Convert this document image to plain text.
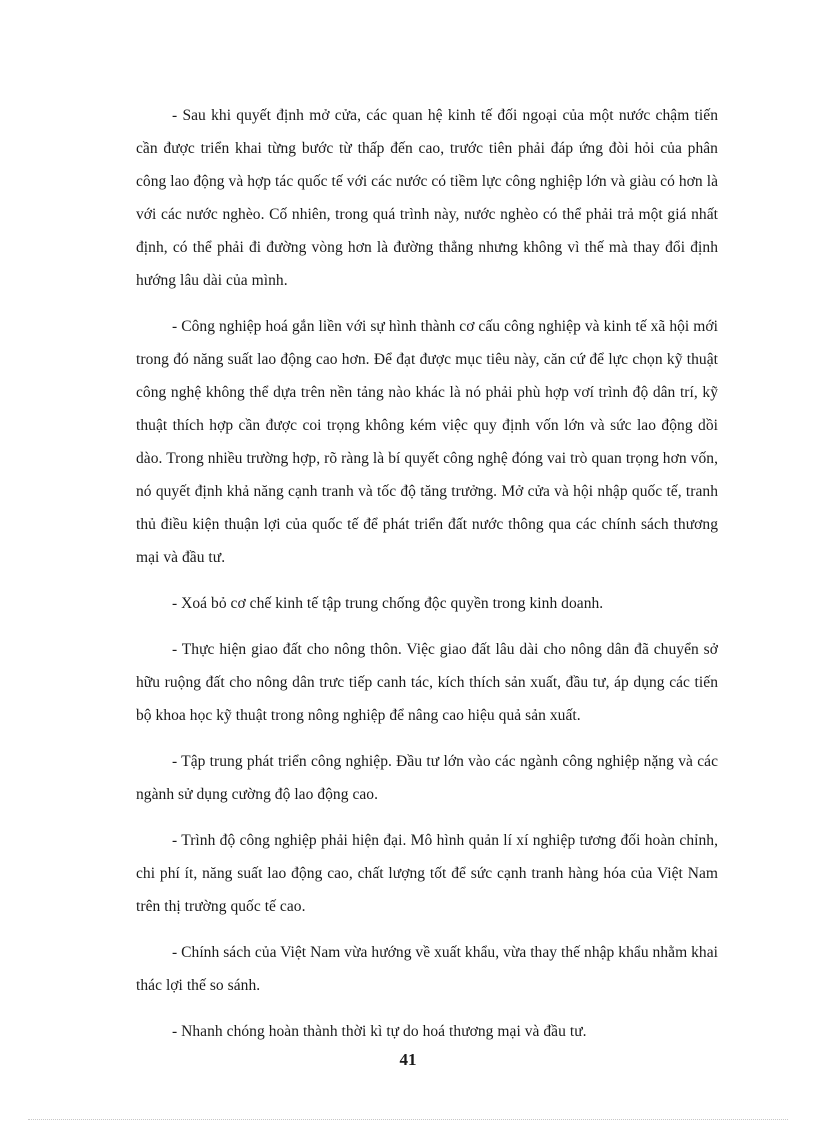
- Sau khi quyết định mở cửa, các quan hệ kinh tế đối ngoại của một nước chậm tiến cần được triển khai từng bước từ thấp đến cao, trước tiên phải đáp ứng đòi hỏi của phân công lao động và hợp tác quốc tế với các nước có tiềm lực công nghiệp lớn và giàu có hơn là với các nước nghèo. Cố nhiên, trong quá trình này, nước nghèo có thể phải trả một giá nhất định, có thể phải đi đường vòng hơn là đường thẳng nhưng không vì thế mà thay đổi định hướng lâu dài của mình.

- Công nghiệp hoá gắn liền với sự hình thành cơ cấu công nghiệp và kinh tế xã hội mới trong đó năng suất lao động cao hơn. Để đạt được mục tiêu này, căn cứ để lực chọn kỹ thuật công nghệ không thể dựa trên nền tảng nào khác là nó phải phù hợp vơí trình độ dân trí, kỹ thuật thích hợp cần được coi trọng không kém việc quy định vốn lớn và sức lao động dồi dào. Trong nhiều trường hợp, rõ ràng là bí quyết công nghệ đóng vai trò quan trọng hơn vốn, nó quyết định khả năng cạnh tranh và tốc độ tăng trưởng. Mở cửa và hội nhập quốc tế, tranh thủ điều kiện thuận lợi của quốc tế để phát triển đất nước thông qua các chính sách thương mại và đầu tư.

- Xoá bỏ cơ chế kinh tế tập trung chống độc quyền trong kinh doanh.

- Thực hiện giao đất cho nông thôn. Việc giao đất lâu dài cho nông dân đã chuyển sở hữu ruộng đất cho nông dân trưc tiếp canh tác, kích thích sản xuất, đầu tư, áp dụng các tiến bộ khoa học kỹ thuật trong nông nghiệp để nâng cao hiệu quả sản xuất.

- Tập trung phát triển công nghiệp. Đầu tư lớn vào các ngành công nghiệp nặng và các ngành sử dụng cường độ lao động cao.

- Trình độ công nghiệp phải hiện đại. Mô hình quản lí xí nghiệp tương đối hoàn chỉnh, chi phí ít, năng suất lao động cao, chất lượng tốt để sức cạnh tranh hàng hóa của Việt Nam trên thị trường quốc tế cao.

- Chính sách của Việt Nam vừa hướng về xuất khẩu, vừa thay thế nhập khẩu nhằm khai thác lợi thế so sánh.

- Nhanh chóng hoàn thành thời kì tự do hoá thương mại và đầu tư.

41
